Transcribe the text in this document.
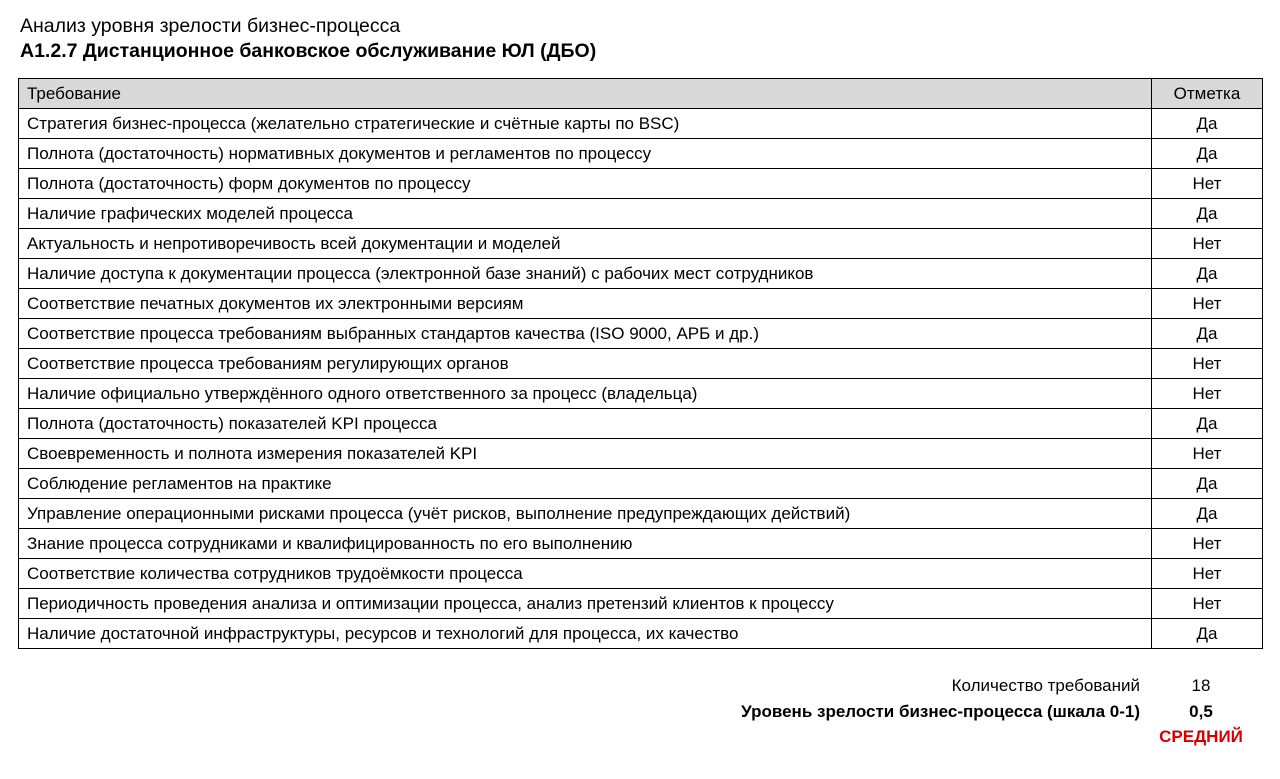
Анализ уровня зрелости бизнес-процесса
A1.2.7 Дистанционное банковское обслуживание ЮЛ (ДБО)
Требование	Отметка
Стратегия бизнес-процесса (желательно стратегические и счётные карты по BSC)	Да
Полнота (достаточность) нормативных документов и регламентов по процессу	Да
Полнота (достаточность) форм документов по процессу	Нет
Наличие графических моделей процесса	Да
Актуальность и непротиворечивость всей документации и моделей	Нет
Наличие доступа к документации процесса (электронной базе знаний) с рабочих мест сотрудников	Да
Соответствие печатных документов их электронными версиям	Нет
Соответствие процесса требованиям выбранных стандартов качества (ISO 9000, АРБ и др.)	Да
Соответствие процесса требованиям регулирующих органов	Нет
Наличие официально утверждённого одного ответственного за процесс (владельца)	Нет
Полнота (достаточность) показателей KPI процесса	Да
Своевременность и полнота измерения показателей KPI	Нет
Соблюдение регламентов на практике	Да
Управление операционными рисками процесса (учёт рисков, выполнение предупреждающих действий)	Да
Знание процесса сотрудниками и квалифицированность по его выполнению	Нет
Соответствие количества сотрудников трудоёмкости процесса	Нет
Периодичность проведения анализа и оптимизации процесса, анализ претензий клиентов к процессу	Нет
Наличие достаточной инфраструктуры, ресурсов и технологий для процесса, их качество	Да
Количество требований	18
Уровень зрелости бизнес-процесса (шкала 0-1)	0,5
СРЕДНИЙ
